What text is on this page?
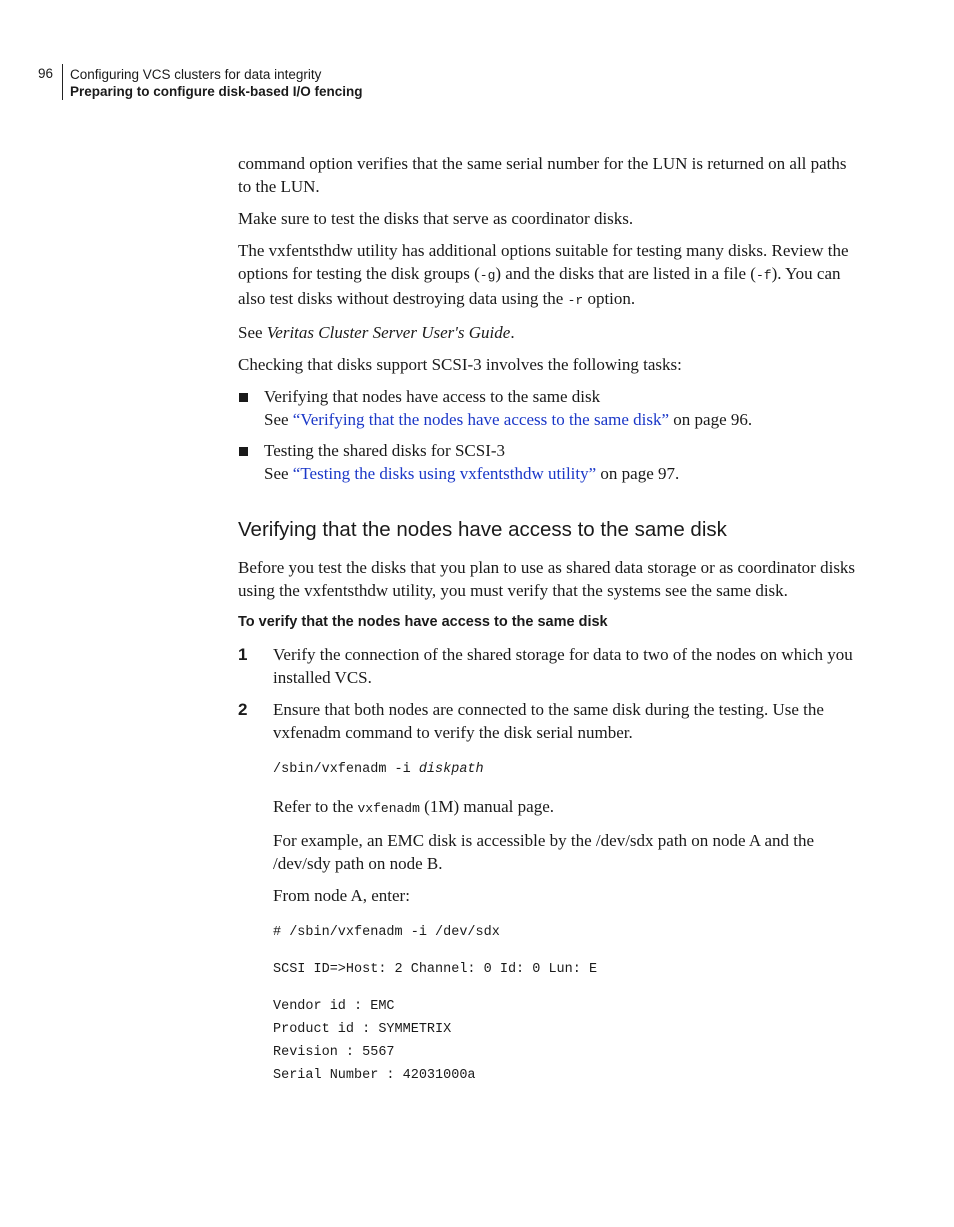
96	Configuring VCS clusters for data integrity
Preparing to configure disk-based I/O fencing

command option verifies that the same serial number for the LUN is returned on all paths to the LUN.

Make sure to test the disks that serve as coordinator disks.

The vxfentsthdw utility has additional options suitable for testing many disks. Review the options for testing the disk groups (-g) and the disks that are listed in a file (-f). You can also test disks without destroying data using the -r option.

See Veritas Cluster Server User's Guide.

Checking that disks support SCSI-3 involves the following tasks:

Verifying that nodes have access to the same disk
See “Verifying that the nodes have access to the same disk” on page 96.
Testing the shared disks for SCSI-3
See “Testing the disks using vxfentsthdw utility” on page 97.
Verifying that the nodes have access to the same disk

Before you test the disks that you plan to use as shared data storage or as coordinator disks using the vxfentsthdw utility, you must verify that the systems see the same disk.

To verify that the nodes have access to the same disk
1 Verify the connection of the shared storage for data to two of the nodes on which you installed VCS.
2 Ensure that both nodes are connected to the same disk during the testing. Use the vxfenadm command to verify the disk serial number.
/sbin/vxfenadm -i diskpath

Refer to the vxfenadm (1M) manual page.

For example, an EMC disk is accessible by the /dev/sdx path on node A and the /dev/sdy path on node B.

From node A, enter:

# /sbin/vxfenadm -i /dev/sdx
SCSI ID=>Host: 2 Channel: 0 Id: 0 Lun: E
Vendor id : EMC
Product id : SYMMETRIX
Revision : 5567
Serial Number : 42031000a
